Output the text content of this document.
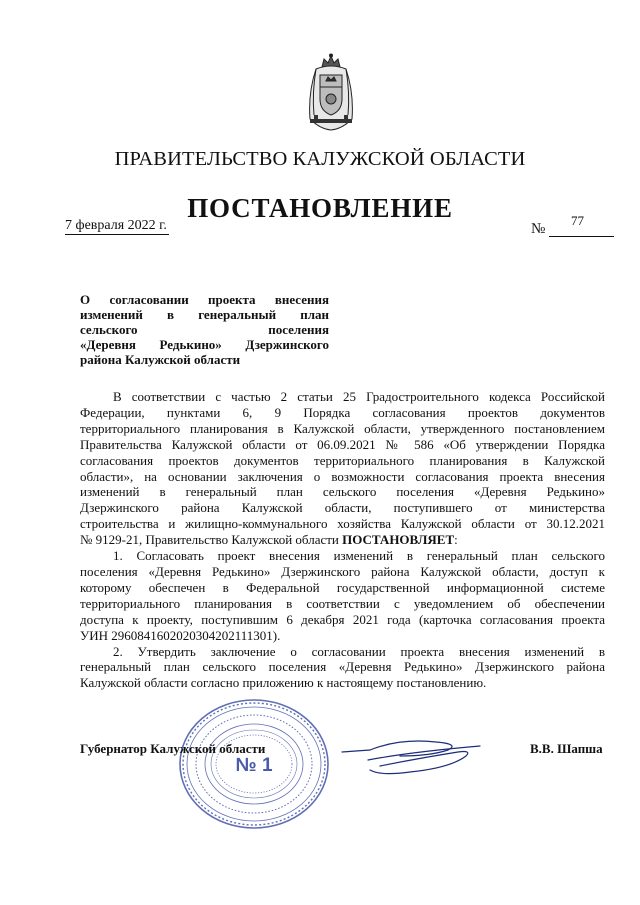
ПРАВИТЕЛЬСТВО КАЛУЖСКОЙ ОБЛАСТИ
ПОСТАНОВЛЕНИЕ
7 февраля 2022 г.	№
77
О согласовании проекта внесения
изменений в генеральный план
сельского	поселения
«Деревня Редькино» Дзержинского
района Калужской области
В соответствии с частью 2 статьи 25 Градостроительного кодекса Российской
Федерации, пунктами 6, 9 Порядка согласования проектов документов
территориального планирования в Калужской области, утвержденного постановлением
Правительства Калужской области от 06.09.2021 № 586 «Об утверждении Порядка
согласования проектов документов территориального планирования в Калужской
области», на основании заключения о возможности согласования проекта внесения
изменений в генеральный план сельского поселения «Деревня Редькино»
Дзержинского района Калужской области, поступившего от министерства
строительства и жилищно-коммунального хозяйства Калужской области от 30.12.2021
№ 9129-21, Правительство Калужской области ПОСТАНОВЛЯЕТ:
1. Согласовать проект внесения изменений в генеральный план сельского
поселения «Деревня Редькино» Дзержинского района Калужской области, доступ к
которому обеспечен в Федеральной государственной информационной системе
территориального планирования в соответствии с уведомлением об обеспечении
доступа к проекту, поступившим 6 декабря 2021 года (карточка согласования проекта
УИН 2960841602020304202111301).
2. Утвердить заключение о согласовании проекта внесения изменений в
генеральный план сельского поселения «Деревня Редькино» Дзержинского района
Калужской области согласно приложению к настоящему постановлению.
№ 1
Губернатор Калужской области	В.В. Шапша
